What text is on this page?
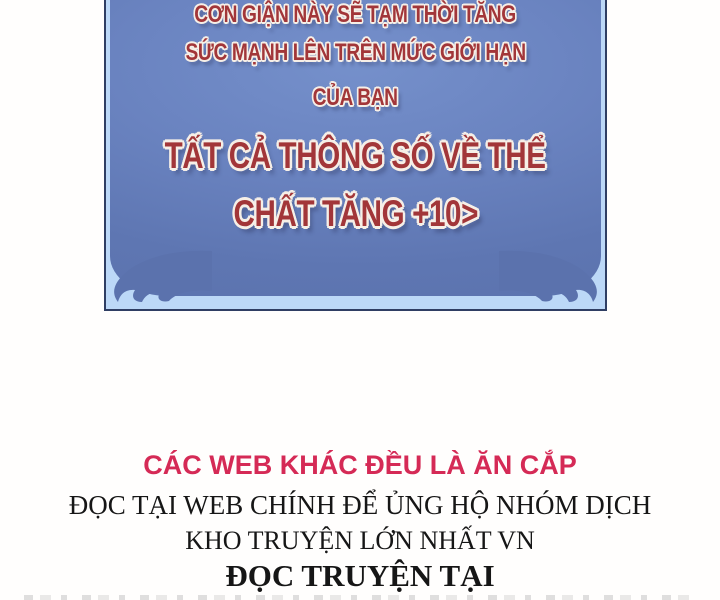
CƠN GIẬN NÀY SẼ TẠM THỜI TĂNG
SỨC MẠNH LÊN TRÊN MỨC GIỚI HẠN
CỦA BẠN
TẤT CẢ THÔNG SỐ VỀ THỂ
CHẤT TĂNG +10>
CÁC WEB KHÁC ĐỀU LÀ ĂN CẮP
ĐỌC TẠI WEB CHÍNH ĐỂ ỦNG HỘ NHÓM DỊCH
KHO TRUYỆN LỚN NHẤT VN
ĐỌC TRUYỆN TẠI
